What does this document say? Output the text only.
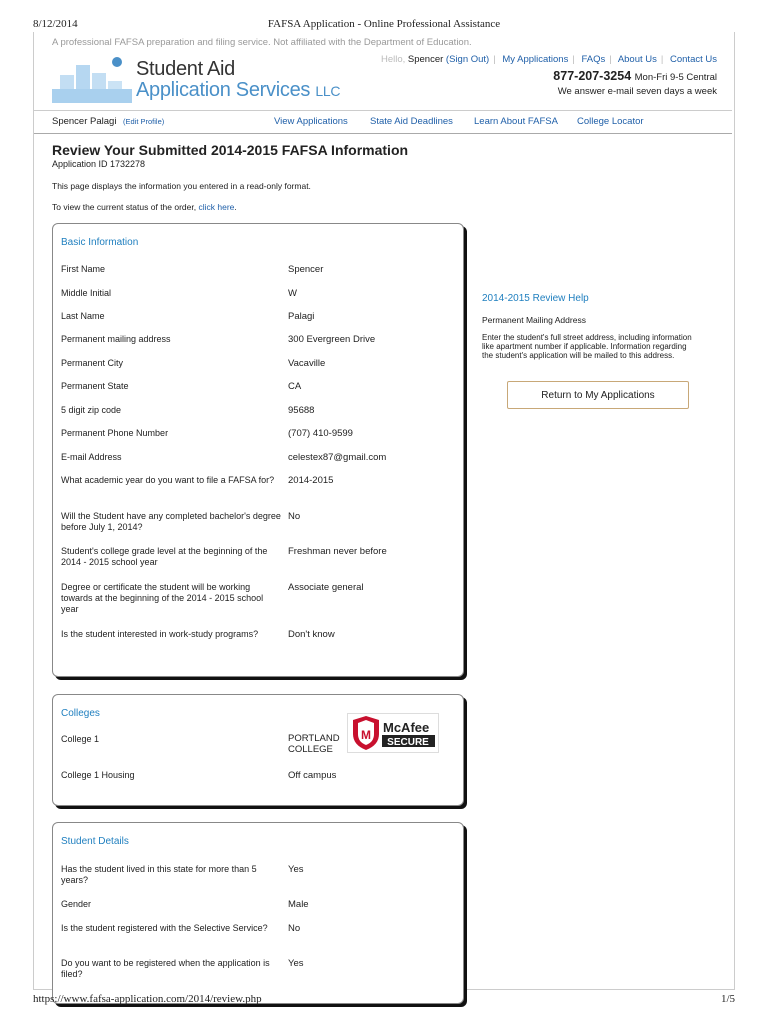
8/12/2014	FAFSA Application - Online Professional Assistance
A professional FAFSA preparation and filing service. Not affiliated with the Department of Education.
Student Aid
Application Services LLC
Hello, Spencer (Sign Out) | My Applications | FAQs | About Us | Contact Us
877-207-3254 Mon-Fri 9-5 Central
We answer e-mail seven days a week
Spencer Palagi (Edit Profile)	View Applications State Aid Deadlines Learn About FAFSA College Locator
Review Your Submitted 2014-2015 FAFSA Information
Application ID 1732278
This page displays the information you entered in a read-only format.
To view the current status of the order, click here.
Basic Information
First Name	Spencer
Middle Initial	W
Last Name	Palagi
Permanent mailing address	300 Evergreen Drive
Permanent City	Vacaville
Permanent State	CA
5 digit zip code	95688
Permanent Phone Number	(707) 410-9599
E-mail Address	celestex87@gmail.com
What academic year do you want to file a FAFSA for?	2014-2015
Will the Student have any completed bachelor's degree before July 1, 2014?
No
Student's college grade level at the beginning of the 2014 - 2015 school year
Freshman never before
Degree or certificate the student will be working towards at the beginning of the 2014 - 2015 school year
Associate general
Is the student interested in work-study programs?	Don't know
Colleges
College 1	PORTLAND COLLEGE
College 1 Housing	Off campus
M McAfee
SECURE
Student Details
Has the student lived in this state for more than 5 years?
Yes
Gender	Male
Is the student registered with the Selective Service?	No
Do you want to be registered when the application is filed?
Yes
2014-2015 Review Help
Permanent Mailing Address
Enter the student's full street address, including information like apartment number if applicable. Information regarding the student's application will be mailed to this address.
Return to My Applications
https://www.fafsa-application.com/2014/review.php	1/5
